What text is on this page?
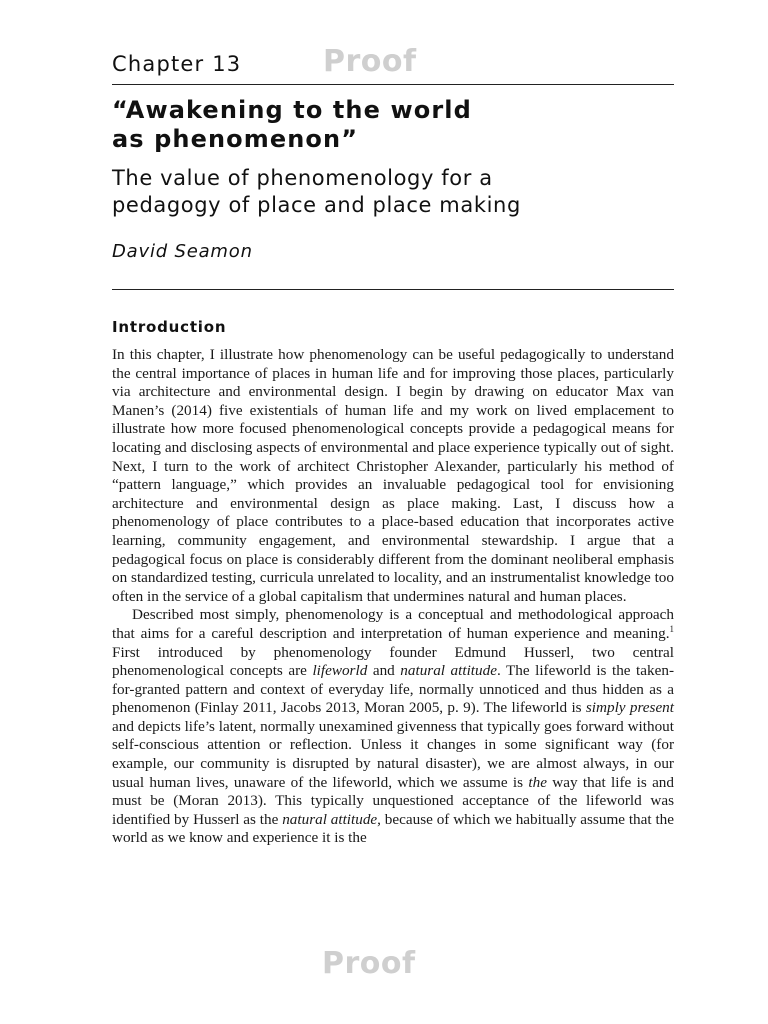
Proof
Chapter 13
“Awakening to the world
as phenomenon”
The value of phenomenology for a
pedagogy of place and place making
David Seamon
Introduction

In this chapter, I illustrate how phenomenology can be useful pedagogically to understand the central importance of places in human life and for improving those places, particularly via architecture and environmental design. I begin by drawing on educator Max van Manen’s (2014) five existentials of human life and my work on lived emplacement to illustrate how more focused phenomenological concepts provide a pedagogical means for locating and disclosing aspects of environmental and place experience typically out of sight. Next, I turn to the work of architect Christopher Alexander, particularly his method of “pattern language,” which provides an invaluable pedagogical tool for envisioning architecture and environmental design as place making. Last, I discuss how a phenomenology of place contributes to a place-based education that incorporates active learning, community engagement, and environmental stewardship. I argue that a pedagogical focus on place is considerably different from the dominant neoliberal emphasis on standardized testing, curricula unrelated to locality, and an instrumentalist knowledge too often in the service of a global capitalism that undermines natural and human places.

Described most simply, phenomenology is a conceptual and methodological approach that aims for a careful description and interpretation of human experience and meaning.$^1$ First introduced by phenomenology founder Edmund Husserl, two central phenomenological concepts are lifeworld and natural attitude. The lifeworld is the taken-for-granted pattern and context of everyday life, normally unnoticed and thus hidden as a phenomenon (Finlay 2011, Jacobs 2013, Moran 2005, p. 9). The lifeworld is simply present and depicts life’s latent, normally unexamined givenness that typically goes forward without self-conscious attention or reflection. Unless it changes in some significant way (for example, our community is disrupted by natural disaster), we are almost always, in our usual human lives, unaware of the lifeworld, which we assume is the way that life is and must be (Moran 2013). This typically unquestioned acceptance of the lifeworld was identified by Husserl as the natural attitude, because of which we habitually assume that the world as we know and experience it is the

Proof
